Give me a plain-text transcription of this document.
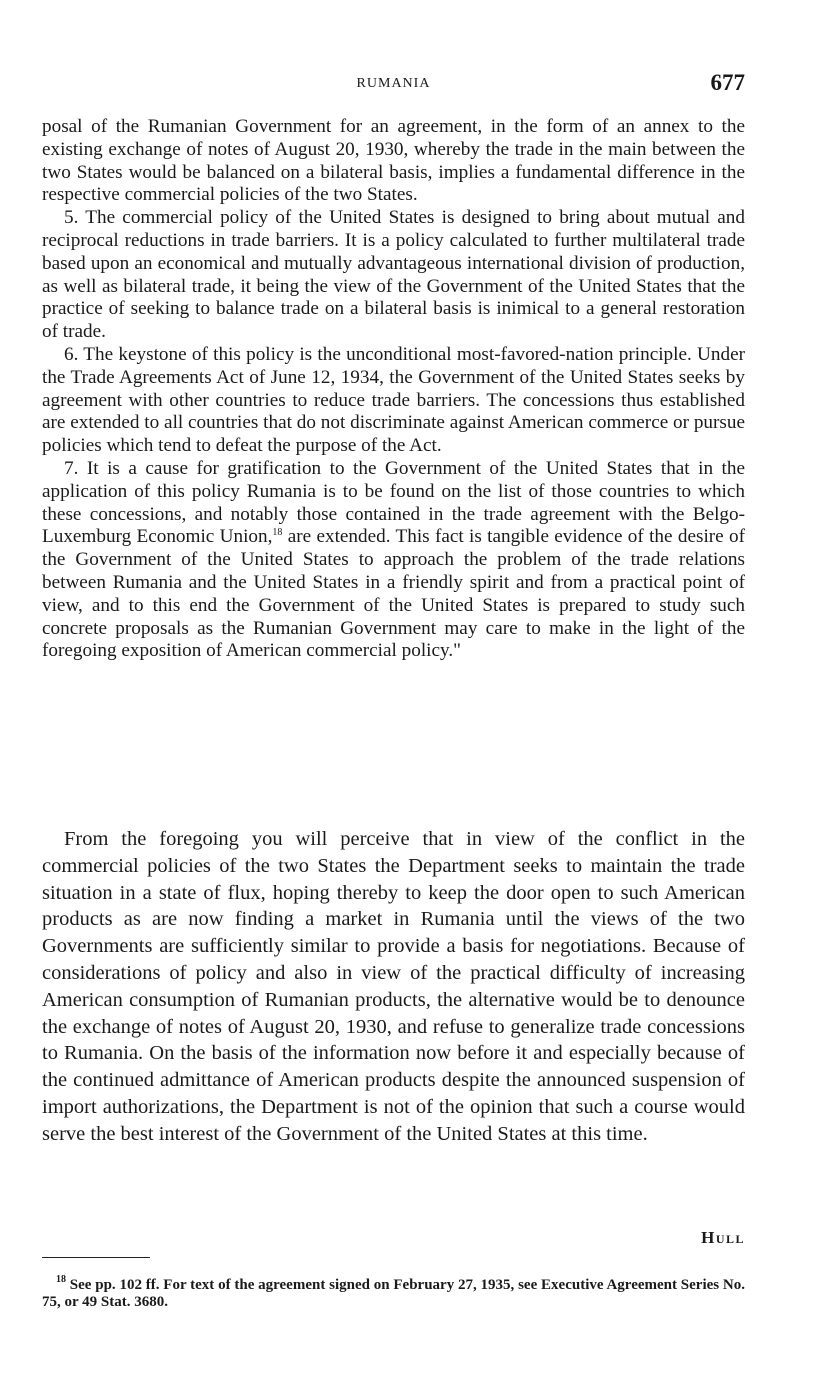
RUMANIA	677

posal of the Rumanian Government for an agreement, in the form of an annex to the existing exchange of notes of August 20, 1930, whereby the trade in the main between the two States would be balanced on a bilateral basis, implies a fundamental difference in the respective commercial policies of the two States.

5. The commercial policy of the United States is designed to bring about mutual and reciprocal reductions in trade barriers. It is a policy calculated to further multilateral trade based upon an economical and mutually advantageous international division of production, as well as bilateral trade, it being the view of the Government of the United States that the practice of seeking to balance trade on a bilateral basis is inimical to a general restoration of trade.

6. The keystone of this policy is the unconditional most-favored-nation principle. Under the Trade Agreements Act of June 12, 1934, the Government of the United States seeks by agreement with other countries to reduce trade barriers. The concessions thus established are extended to all countries that do not discriminate against American commerce or pursue policies which tend to defeat the purpose of the Act.

7. It is a cause for gratification to the Government of the United States that in the application of this policy Rumania is to be found on the list of those countries to which these concessions, and notably those contained in the trade agreement with the Belgo-Luxemburg Economic Union,$^{18}$ are extended. This fact is tangible evidence of the desire of the Government of the United States to approach the problem of the trade relations between Rumania and the United States in a friendly spirit and from a practical point of view, and to this end the Government of the United States is prepared to study such concrete proposals as the Rumanian Government may care to make in the light of the foregoing exposition of American commercial policy."

From the foregoing you will perceive that in view of the conflict in the commercial policies of the two States the Department seeks to maintain the trade situation in a state of flux, hoping thereby to keep the door open to such American products as are now finding a market in Rumania until the views of the two Governments are sufficiently similar to provide a basis for negotiations. Because of considerations of policy and also in view of the practical difficulty of increasing American consumption of Rumanian products, the alternative would be to denounce the exchange of notes of August 20, 1930, and refuse to generalize trade concessions to Rumania. On the basis of the information now before it and especially because of the continued admittance of American products despite the announced suspension of import authorizations, the Department is not of the opinion that such a course would serve the best interest of the Government of the United States at this time.

Hull

$^{18}$ See pp. 102 ff. For text of the agreement signed on February 27, 1935, see Executive Agreement Series No. 75, or 49 Stat. 3680.
